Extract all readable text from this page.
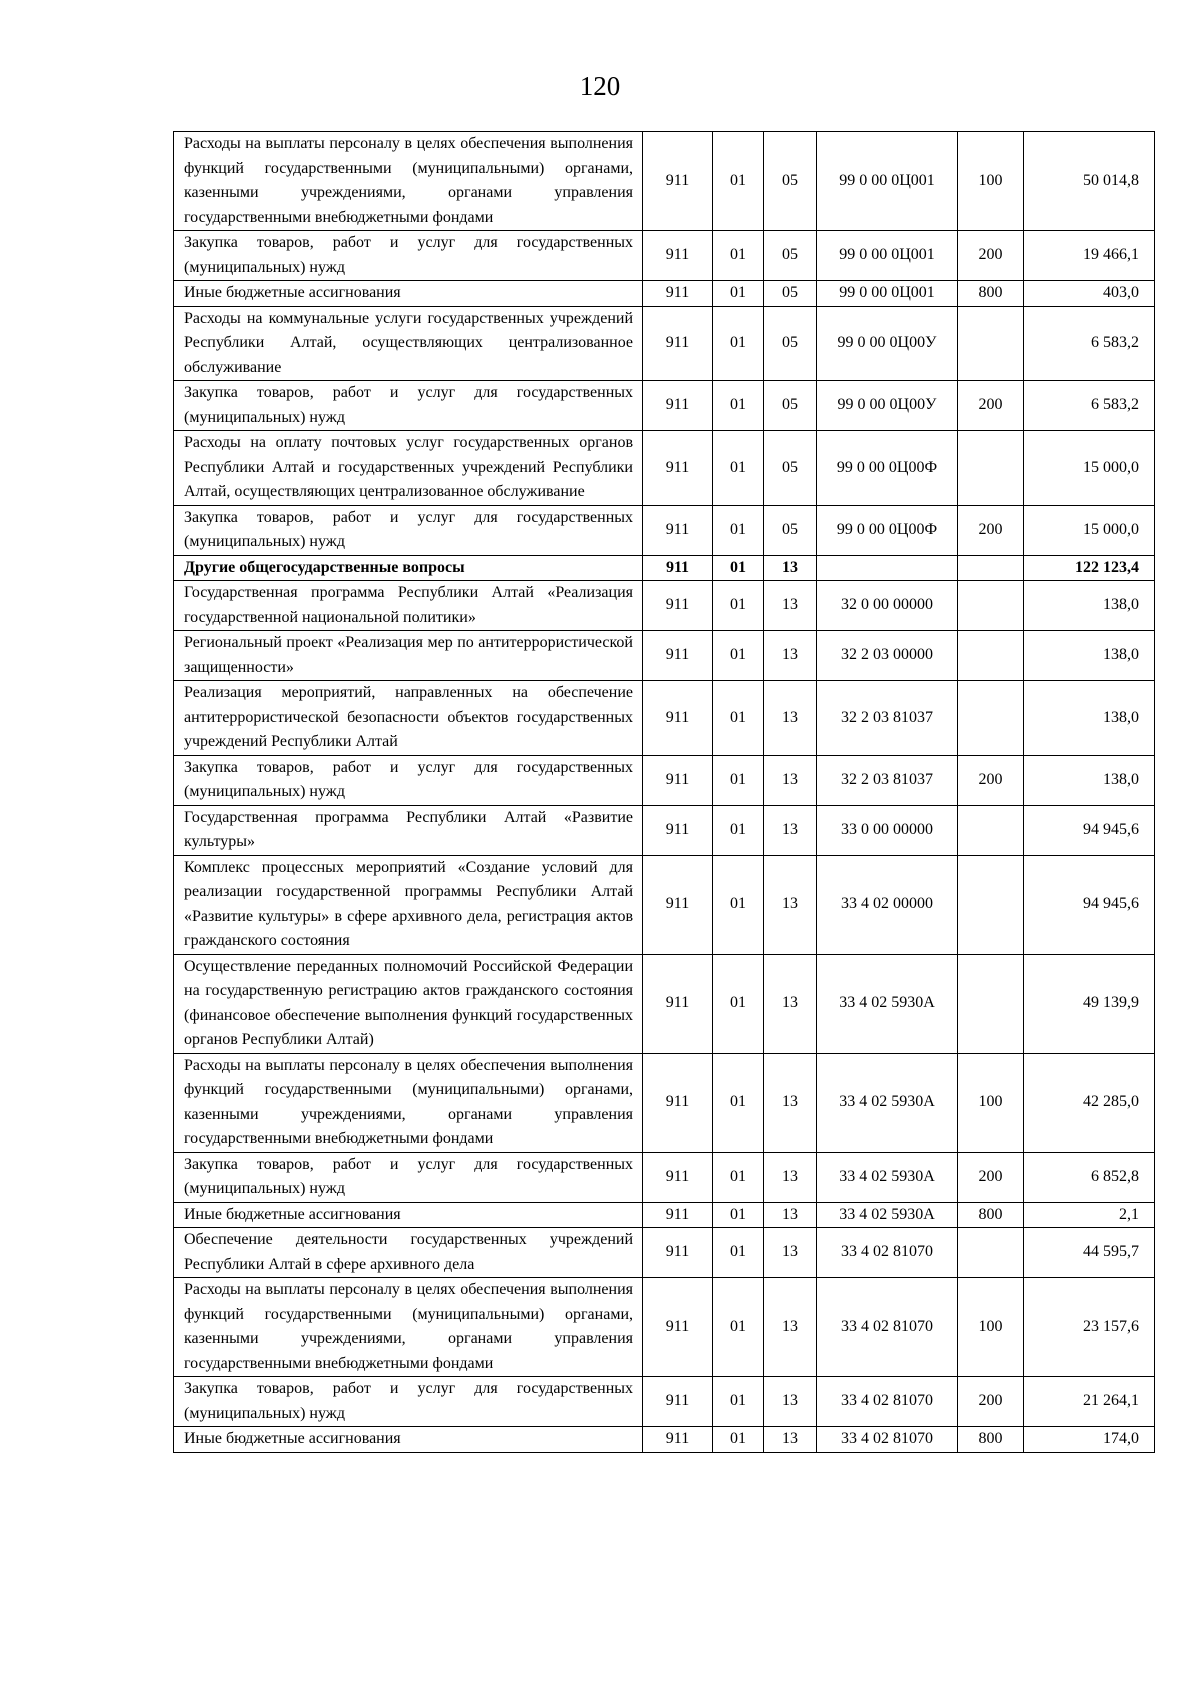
120
Расходы на выплаты персоналу в целях обеспечения выполнения функций государственными (муниципальными) органами, казенными учреждениями, органами управления государственными внебюджетными фондами	911	01	05	99 0 00 0Ц001	100	50 014,8
Закупка товаров, работ и услуг для государственных (муниципальных) нужд	911	01	05	99 0 00 0Ц001	200	19 466,1
Иные бюджетные ассигнования	911	01	05	99 0 00 0Ц001	800	403,0
Расходы на коммунальные услуги государственных учреждений Республики Алтай, осуществляющих централизованное обслуживание	911	01	05	99 0 00 0Ц00У		6 583,2
Закупка товаров, работ и услуг для государственных (муниципальных) нужд	911	01	05	99 0 00 0Ц00У	200	6 583,2
Расходы на оплату почтовых услуг государственных органов Республики Алтай и государственных учреждений Республики Алтай, осуществляющих централизованное обслуживание	911	01	05	99 0 00 0Ц00Ф		15 000,0
Закупка товаров, работ и услуг для государственных (муниципальных) нужд	911	01	05	99 0 00 0Ц00Ф	200	15 000,0
Другие общегосударственные вопросы	911	01	13			122 123,4
Государственная программа Республики Алтай «Реализация государственной национальной политики»	911	01	13	32 0 00 00000		138,0
Региональный проект «Реализация мер по антитеррористической защищенности»	911	01	13	32 2 03 00000		138,0
Реализация мероприятий, направленных на обеспечение антитеррористической безопасности объектов государственных учреждений Республики Алтай	911	01	13	32 2 03 81037		138,0
Закупка товаров, работ и услуг для государственных (муниципальных) нужд	911	01	13	32 2 03 81037	200	138,0
Государственная программа Республики Алтай «Развитие культуры»	911	01	13	33 0 00 00000		94 945,6
Комплекс процессных мероприятий «Создание условий для реализации государственной программы Республики Алтай «Развитие культуры» в сфере архивного дела, регистрация актов гражданского состояния	911	01	13	33 4 02 00000		94 945,6
Осуществление переданных полномочий Российской Федерации на государственную регистрацию актов гражданского состояния (финансовое обеспечение выполнения функций государственных органов Республики Алтай)	911	01	13	33 4 02 5930А		49 139,9
Расходы на выплаты персоналу в целях обеспечения выполнения функций государственными (муниципальными) органами, казенными учреждениями, органами управления государственными внебюджетными фондами	911	01	13	33 4 02 5930А	100	42 285,0
Закупка товаров, работ и услуг для государственных (муниципальных) нужд	911	01	13	33 4 02 5930А	200	6 852,8
Иные бюджетные ассигнования	911	01	13	33 4 02 5930А	800	2,1
Обеспечение деятельности государственных учреждений Республики Алтай в сфере архивного дела	911	01	13	33 4 02 81070		44 595,7
Расходы на выплаты персоналу в целях обеспечения выполнения функций государственными (муниципальными) органами, казенными учреждениями, органами управления государственными внебюджетными фондами	911	01	13	33 4 02 81070	100	23 157,6
Закупка товаров, работ и услуг для государственных (муниципальных) нужд	911	01	13	33 4 02 81070	200	21 264,1
Иные бюджетные ассигнования	911	01	13	33 4 02 81070	800	174,0
